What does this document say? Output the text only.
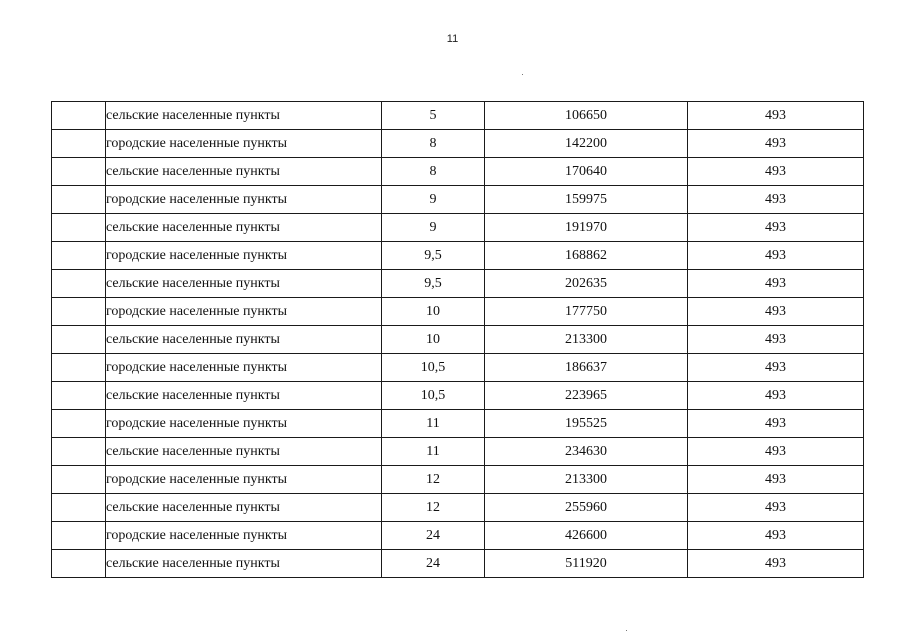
11
	сельские населенные пункты	5	106650	493
	городские населенные пункты	8	142200	493
	сельские населенные пункты	8	170640	493
	городские населенные пункты	9	159975	493
	сельские населенные пункты	9	191970	493
	городские населенные пункты	9,5	168862	493
	сельские населенные пункты	9,5	202635	493
	городские населенные пункты	10	177750	493
	сельские населенные пункты	10	213300	493
	городские населенные пункты	10,5	186637	493
	сельские населенные пункты	10,5	223965	493
	городские населенные пункты	11	195525	493
	сельские населенные пункты	11	234630	493
	городские населенные пункты	12	213300	493
	сельские населенные пункты	12	255960	493
	городские населенные пункты	24	426600	493
	сельские населенные пункты	24	511920	493
